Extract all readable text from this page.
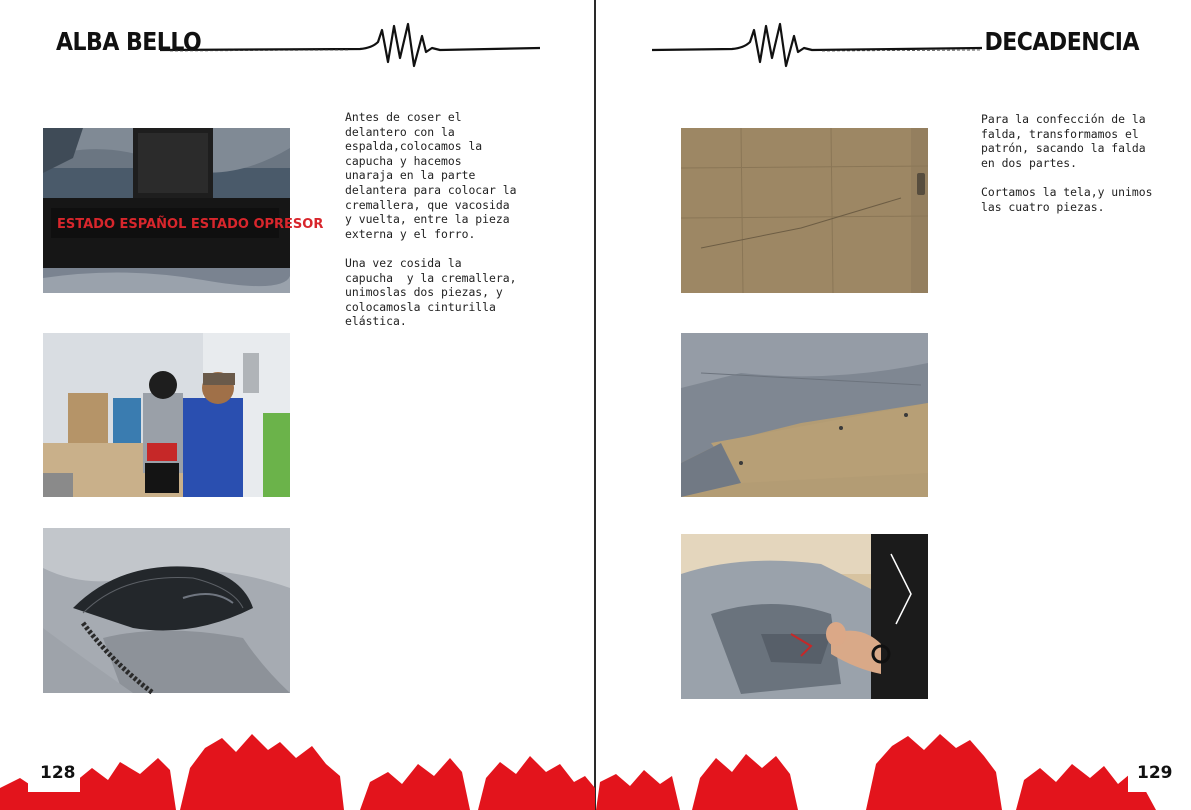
ALBA BELLO
ESTADO ESPAÑOL ESTADO OPRESOR
Antes de coser el
delantero con la
espalda,colocamos la
capucha y hacemos
unaraja en la parte
delantera para colocar la
cremallera, que vacosida
y vuelta, entre la pieza
externa y el forro.

Una vez cosida la
capucha  y la cremallera,
unimoslas dos piezas, y
colocamosla cinturilla
elástica.
128
DECADENCIA
Para la confección de la
falda, transformamos el
patrón, sacando la falda
en dos partes.

Cortamos la tela,y unimos
las cuatro piezas.
129
